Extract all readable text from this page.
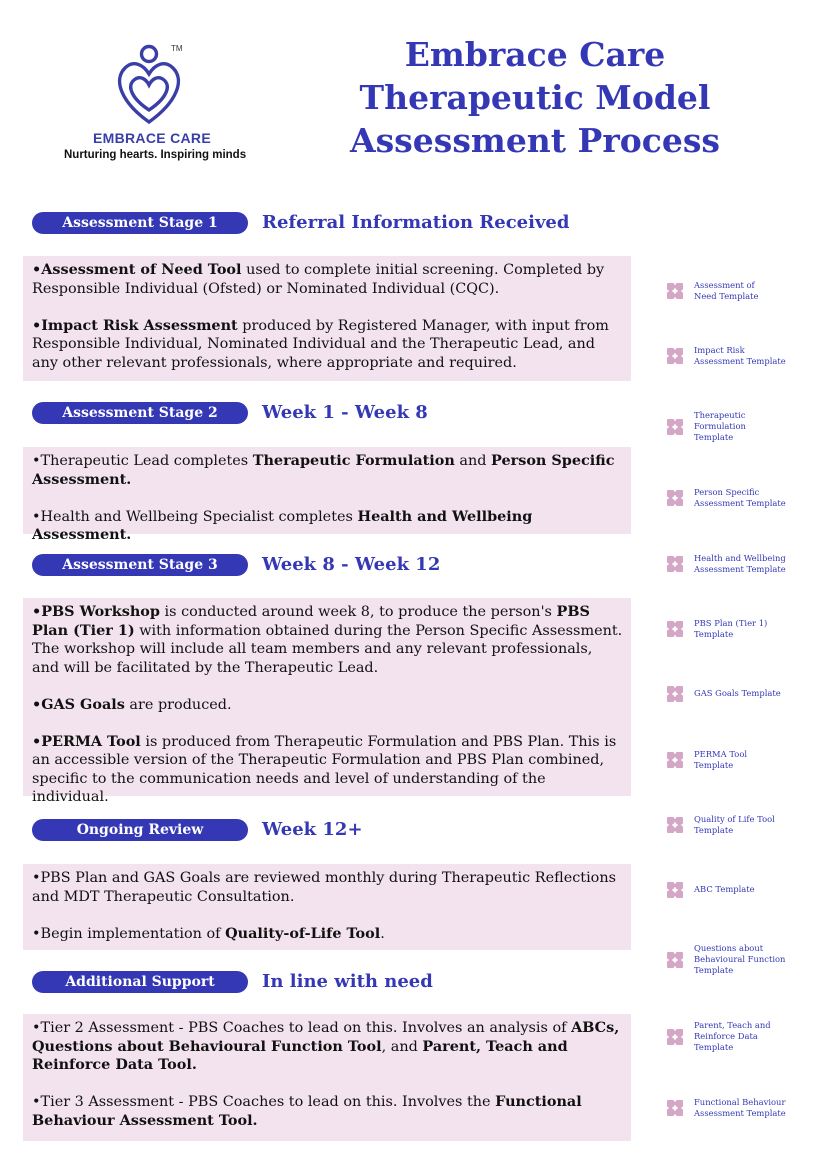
TM
EMBRACE CARE
Nurturing hearts. Inspiring minds
Embrace Care
Therapeutic Model
Assessment Process
Assessment Stage 1	Referral Information Received

•Assessment of Need Tool used to complete initial screening. Completed by Responsible Individual (Ofsted) or Nominated Individual (CQC).

•Impact Risk Assessment produced by Registered Manager, with input from Responsible Individual, Nominated Individual and the Therapeutic Lead, and any other relevant professionals, where appropriate and required.

Assessment Stage 2	Week 1 - Week 8

•Therapeutic Lead completes Therapeutic Formulation and Person Specific Assessment.

•Health and Wellbeing Specialist completes Health and Wellbeing Assessment.

Assessment Stage 3	Week 8 - Week 12

•PBS Workshop is conducted around week 8, to produce the person's PBS Plan (Tier 1) with information obtained during the Person Specific Assessment. The workshop will include all team members and any relevant professionals, and will be facilitated by the Therapeutic Lead.

•GAS Goals are produced.

•PERMA Tool is produced from Therapeutic Formulation and PBS Plan. This is an accessible version of the Therapeutic Formulation and PBS Plan combined, specific to the communication needs and level of understanding of the individual.

Ongoing Review	Week 12+

•PBS Plan and GAS Goals are reviewed monthly during Therapeutic Reflections and MDT Therapeutic Consultation.

•Begin implementation of Quality-of-Life Tool.

Additional Support	In line with need

•Tier 2 Assessment - PBS Coaches to lead on this. Involves an analysis of ABCs, Questions about Behavioural Function Tool, and Parent, Teach and Reinforce Data Tool.

•Tier 3 Assessment - PBS Coaches to lead on this. Involves the Functional Behaviour Assessment Tool.

Assessment of
Need Template
Impact Risk
Assessment Template
Therapeutic
Formulation
Template
Person Specific
Assessment Template
Health and Wellbeing
Assessment Template
PBS Plan (Tier 1)
Template
GAS Goals Template
PERMA Tool
Template
Quality of Life Tool
Template
ABC Template
Questions about
Behavioural Function
Template
Parent, Teach and
Reinforce Data
Template
Functional Behaviour
Assessment Template
